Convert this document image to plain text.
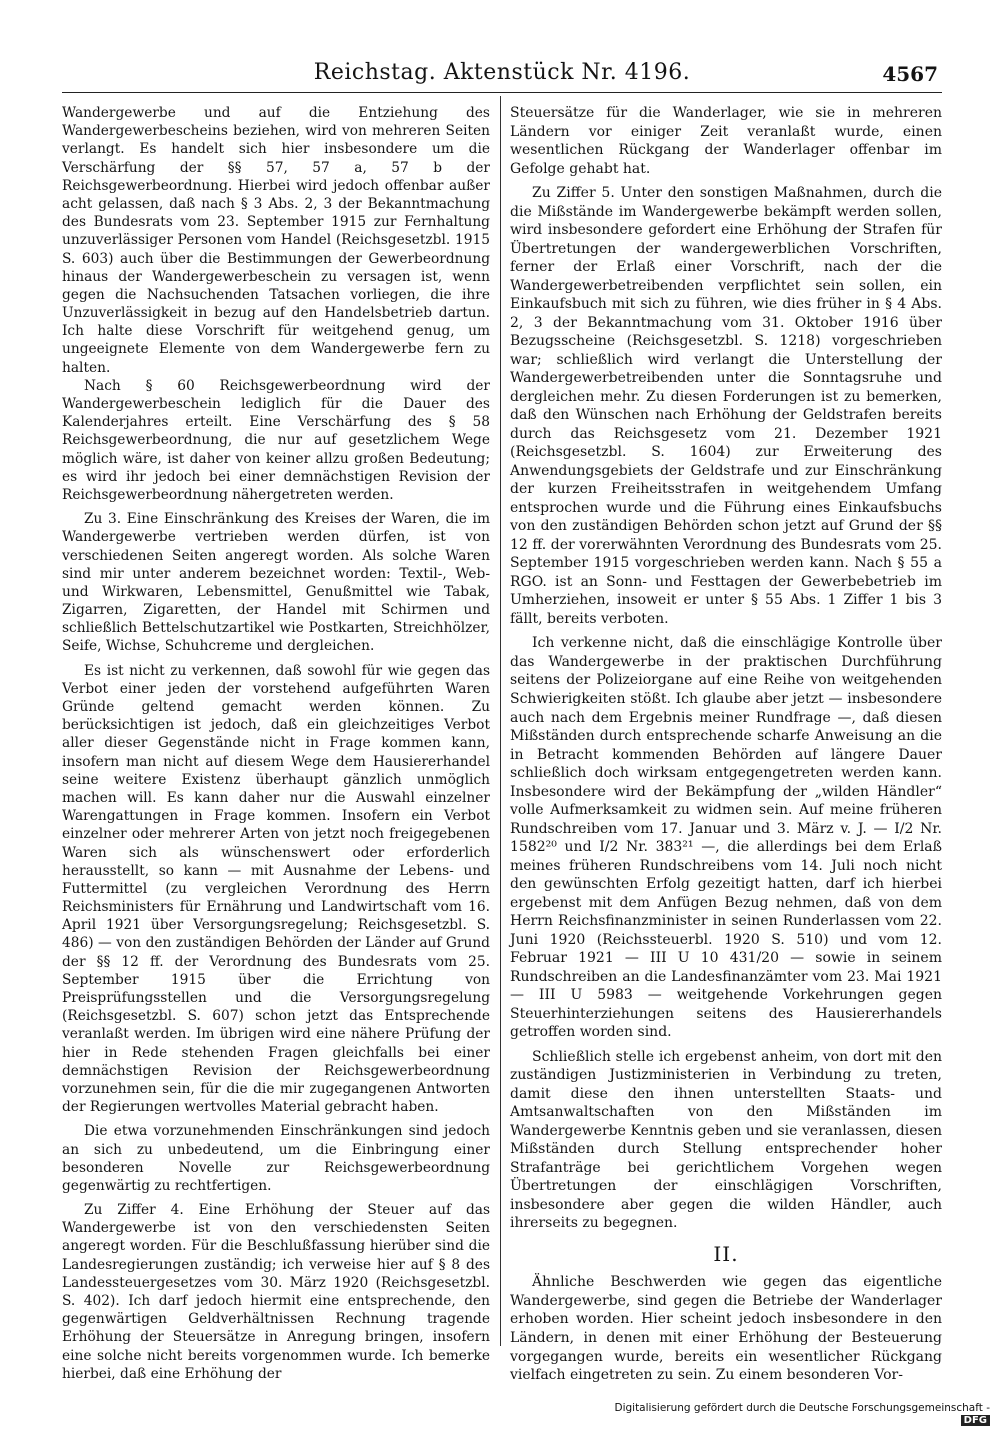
Reichstag. Aktenstück Nr. 4196.	4567

Wandergewerbe und auf die Entziehung des Wandergewerbescheins beziehen, wird von mehreren Seiten verlangt. Es handelt sich hier insbesondere um die Verschärfung der §§ 57, 57 a, 57 b der Reichsgewerbeordnung. Hierbei wird jedoch offenbar außer acht gelassen, daß nach § 3 Abs. 2, 3 der Bekanntmachung des Bundesrats vom 23. September 1915 zur Fernhaltung unzuverlässiger Personen vom Handel (Reichsgesetzbl. 1915 S. 603) auch über die Bestimmungen der Gewerbeordnung hinaus der Wandergewerbeschein zu versagen ist, wenn gegen die Nachsuchenden Tatsachen vorliegen, die ihre Unzuverlässigkeit in bezug auf den Handelsbetrieb dartun. Ich halte diese Vorschrift für weitgehend genug, um ungeeignete Elemente von dem Wandergewerbe fern zu halten.

Nach § 60 Reichsgewerbeordnung wird der Wandergewerbeschein lediglich für die Dauer des Kalenderjahres erteilt. Eine Verschärfung des § 58 Reichsgewerbeordnung, die nur auf gesetzlichem Wege möglich wäre, ist daher von keiner allzu großen Bedeutung; es wird ihr jedoch bei einer demnächstigen Revision der Reichsgewerbeordnung nähergetreten werden.

Zu 3. Eine Einschränkung des Kreises der Waren, die im Wandergewerbe vertrieben werden dürfen, ist von verschiedenen Seiten angeregt worden. Als solche Waren sind mir unter anderem bezeichnet worden: Textil-, Web- und Wirkwaren, Lebensmittel, Genußmittel wie Tabak, Zigarren, Zigaretten, der Handel mit Schirmen und schließlich Bettelschutzartikel wie Postkarten, Streichhölzer, Seife, Wichse, Schuhcreme und dergleichen.

Es ist nicht zu verkennen, daß sowohl für wie gegen das Verbot einer jeden der vorstehend aufgeführten Waren Gründe geltend gemacht werden können. Zu berücksichtigen ist jedoch, daß ein gleichzeitiges Verbot aller dieser Gegenstände nicht in Frage kommen kann, insofern man nicht auf diesem Wege dem Hausiererhandel seine weitere Existenz überhaupt gänzlich unmöglich machen will. Es kann daher nur die Auswahl einzelner Warengattungen in Frage kommen. Insofern ein Verbot einzelner oder mehrerer Arten von jetzt noch freigegebenen Waren sich als wünschenswert oder erforderlich herausstellt, so kann — mit Ausnahme der Lebens- und Futtermittel (zu vergleichen Verordnung des Herrn Reichsministers für Ernährung und Landwirtschaft vom 16. April 1921 über Versorgungsregelung; Reichsgesetzbl. S. 486) — von den zuständigen Behörden der Länder auf Grund der §§ 12 ff. der Verordnung des Bundesrats vom 25. September 1915 über die Errichtung von Preisprüfungsstellen und die Versorgungsregelung (Reichsgesetzbl. S. 607) schon jetzt das Entsprechende veranlaßt werden. Im übrigen wird eine nähere Prüfung der hier in Rede stehenden Fragen gleichfalls bei einer demnächstigen Revision der Reichsgewerbeordnung vorzunehmen sein, für die die mir zugegangenen Antworten der Regierungen wertvolles Material gebracht haben.

Die etwa vorzunehmenden Einschränkungen sind jedoch an sich zu unbedeutend, um die Einbringung einer besonderen Novelle zur Reichsgewerbeordnung gegenwärtig zu rechtfertigen.

Zu Ziffer 4. Eine Erhöhung der Steuer auf das Wandergewerbe ist von den verschiedensten Seiten angeregt worden. Für die Beschlußfassung hierüber sind die Landesregierungen zuständig; ich verweise hier auf § 8 des Landessteuergesetzes vom 30. März 1920 (Reichsgesetzbl. S. 402). Ich darf jedoch hiermit eine entsprechende, den gegenwärtigen Geldverhältnissen Rechnung tragende Erhöhung der Steuersätze in Anregung bringen, insofern eine solche nicht bereits vorgenommen wurde. Ich bemerke hierbei, daß eine Erhöhung der

Steuersätze für die Wanderlager, wie sie in mehreren Ländern vor einiger Zeit veranlaßt wurde, einen wesentlichen Rückgang der Wanderlager offenbar im Gefolge gehabt hat.

Zu Ziffer 5. Unter den sonstigen Maßnahmen, durch die die Mißstände im Wandergewerbe bekämpft werden sollen, wird insbesondere gefordert eine Erhöhung der Strafen für Übertretungen der wandergewerblichen Vorschriften, ferner der Erlaß einer Vorschrift, nach der die Wandergewerbetreibenden verpflichtet sein sollen, ein Einkaufsbuch mit sich zu führen, wie dies früher in § 4 Abs. 2, 3 der Bekanntmachung vom 31. Oktober 1916 über Bezugsscheine (Reichsgesetzbl. S. 1218) vorgeschrieben war; schließlich wird verlangt die Unterstellung der Wandergewerbetreibenden unter die Sonntagsruhe und dergleichen mehr. Zu diesen Forderungen ist zu bemerken, daß den Wünschen nach Erhöhung der Geldstrafen bereits durch das Reichsgesetz vom 21. Dezember 1921 (Reichsgesetzbl. S. 1604) zur Erweiterung des Anwendungsgebiets der Geldstrafe und zur Einschränkung der kurzen Freiheitsstrafen in weitgehendem Umfang entsprochen wurde und die Führung eines Einkaufsbuchs von den zuständigen Behörden schon jetzt auf Grund der §§ 12 ff. der vorerwähnten Verordnung des Bundesrats vom 25. September 1915 vorgeschrieben werden kann. Nach § 55 a RGO. ist an Sonn- und Festtagen der Gewerbebetrieb im Umherziehen, insoweit er unter § 55 Abs. 1 Ziffer 1 bis 3 fällt, bereits verboten.

Ich verkenne nicht, daß die einschlägige Kontrolle über das Wandergewerbe in der praktischen Durchführung seitens der Polizeiorgane auf eine Reihe von weitgehenden Schwierigkeiten stößt. Ich glaube aber jetzt — insbesondere auch nach dem Ergebnis meiner Rundfrage —, daß diesen Mißständen durch entsprechende scharfe Anweisung an die in Betracht kommenden Behörden auf längere Dauer schließlich doch wirksam entgegengetreten werden kann. Insbesondere wird der Bekämpfung der „wilden Händler“ volle Aufmerksamkeit zu widmen sein. Auf meine früheren Rundschreiben vom 17. Januar und 3. März v. J. — I/2 Nr. 1582²⁰ und I/2 Nr. 383²¹ —, die allerdings bei dem Erlaß meines früheren Rundschreibens vom 14. Juli noch nicht den gewünschten Erfolg gezeitigt hatten, darf ich hierbei ergebenst mit dem Anfügen Bezug nehmen, daß von dem Herrn Reichsfinanzminister in seinen Runderlassen vom 22. Juni 1920 (Reichssteuerbl. 1920 S. 510) und vom 12. Februar 1921 — III U 10 431/20 — sowie in seinem Rundschreiben an die Landesfinanzämter vom 23. Mai 1921 — III U 5983 — weitgehende Vorkehrungen gegen Steuerhinterziehungen seitens des Hausiererhandels getroffen worden sind.

Schließlich stelle ich ergebenst anheim, von dort mit den zuständigen Justizministerien in Verbindung zu treten, damit diese den ihnen unterstellten Staats- und Amtsanwaltschaften von den Mißständen im Wandergewerbe Kenntnis geben und sie veranlassen, diesen Mißständen durch Stellung entsprechender hoher Strafanträge bei gerichtlichem Vorgehen wegen Übertretungen der einschlägigen Vorschriften, insbesondere aber gegen die wilden Händler, auch ihrerseits zu begegnen.

II.

Ähnliche Beschwerden wie gegen das eigentliche Wandergewerbe, sind gegen die Betriebe der Wanderlager erhoben worden. Hier scheint jedoch insbesondere in den Ländern, in denen mit einer Erhöhung der Besteuerung vorgegangen wurde, bereits ein wesentlicher Rückgang vielfach eingetreten zu sein. Zu einem besonderen Vor-

Digitalisierung gefördert durch die Deutsche Forschungsgemeinschaft - DFG
